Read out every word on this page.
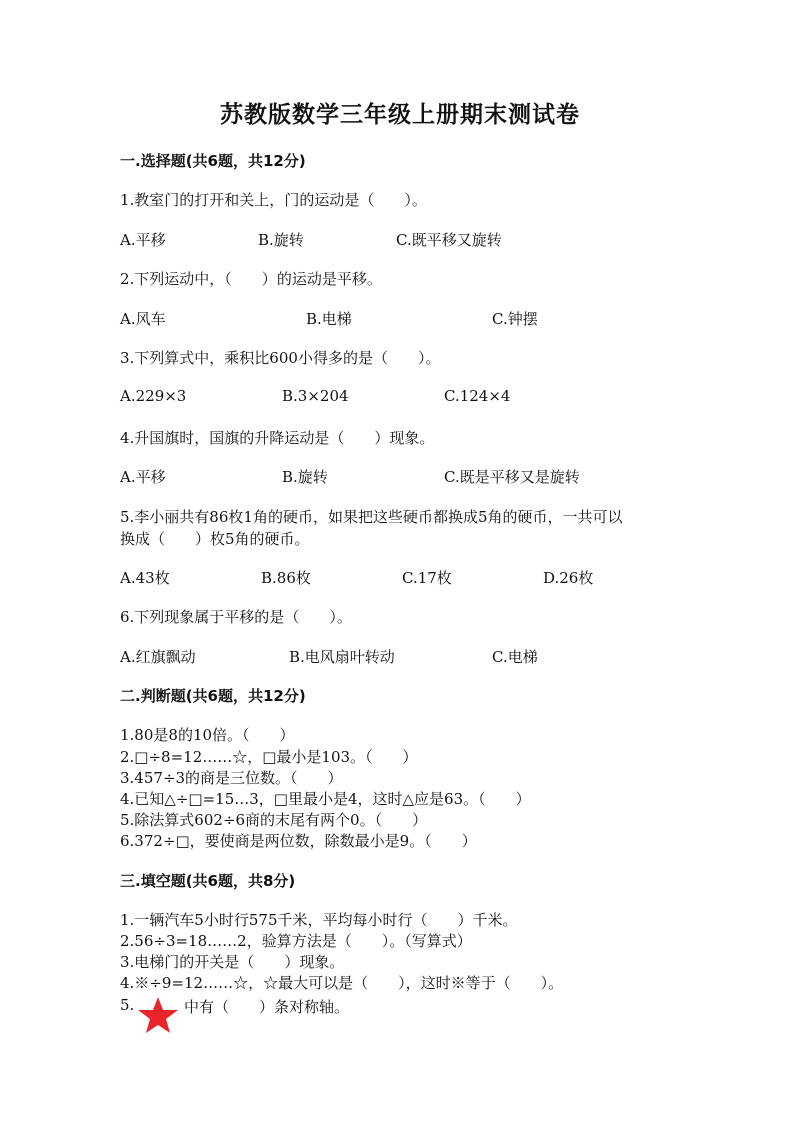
苏教版数学三年级上册期末测试卷
一.选择题(共6题，共12分)
1.教室门的打开和关上，门的运动是（　　）。
A.平移	B.旋转	C.既平移又旋转
2.下列运动中，（　　）的运动是平移。
A.风车	B.电梯	C.钟摆
3.下列算式中，乘积比600小得多的是（　　）。
A.229×3	B.3×204	C.124×4
4.升国旗时，国旗的升降运动是（　　）现象。
A.平移	B.旋转	C.既是平移又是旋转
5.李小丽共有86枚1角的硬币，如果把这些硬币都换成5角的硬币，一共可以
换成（　　）枚5角的硬币。
A.43枚	B.86枚	C.17枚	D.26枚
6.下列现象属于平移的是（　　）。
A.红旗飘动	B.电风扇叶转动	C.电梯
二.判断题(共6题，共12分)
1.80是8的10倍。（　　）
2.□÷8=12……☆，□最小是103。（　　）
3.457÷3的商是三位数。（　　）
4.已知△÷□=15…3，□里最小是4，这时△应是63。（　　）
5.除法算式602÷6商的末尾有两个0。（　　）
6.372÷□，要使商是两位数，除数最小是9。（　　）
三.填空题(共6题，共8分)
1.一辆汽车5小时行575千米，平均每小时行（　　）千米。
2.56÷3=18……2，验算方法是（　　）。（写算式）
3.电梯门的开关是（　　）现象。
4.※÷9=12……☆，☆最大可以是（　　），这时※等于（　　）。
5.	中有（　　）条对称轴。
